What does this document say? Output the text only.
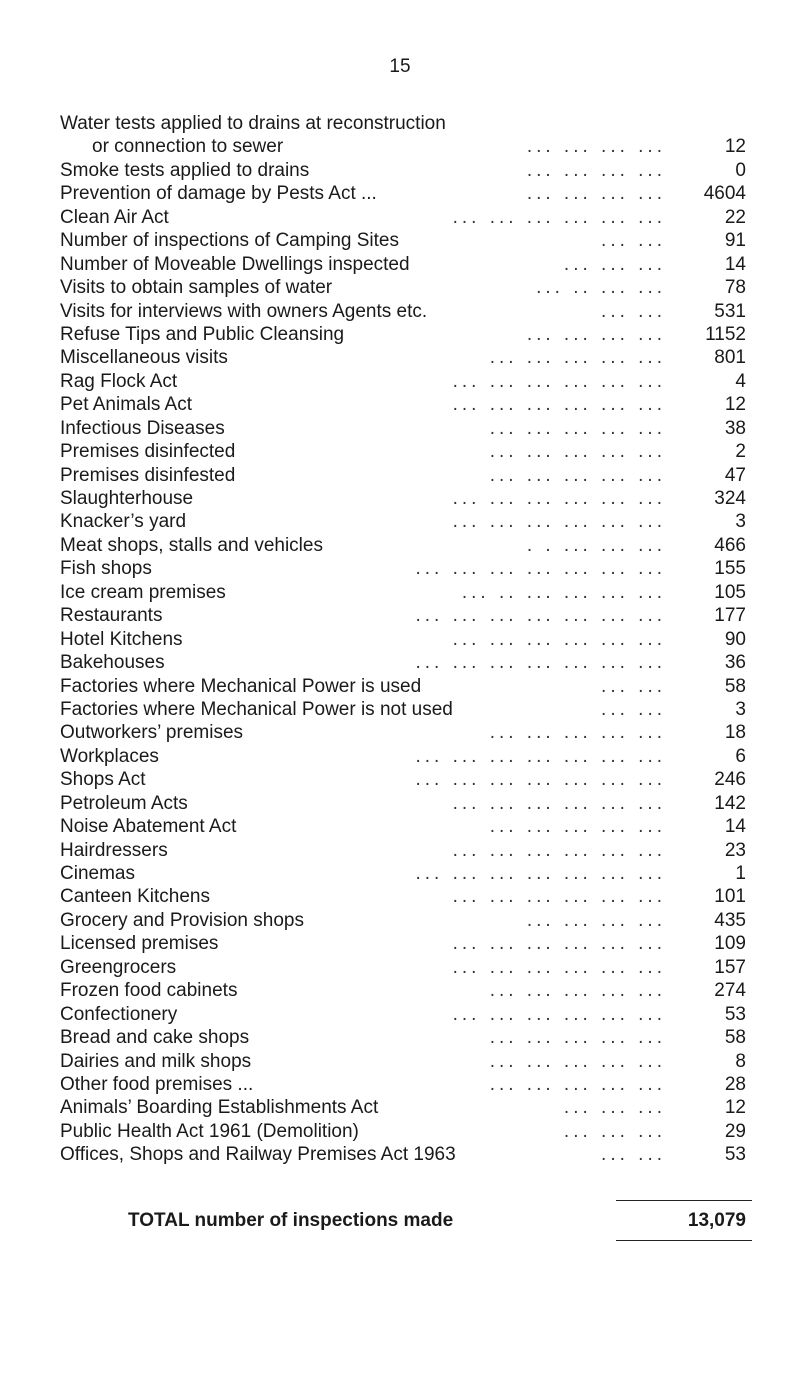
15
Water tests applied to drains at reconstruction
or connection to sewer	... ... ... ...	12
Smoke tests applied to drains	... ... ... ...	0
Prevention of damage by Pests Act ...	... ... ... ... 4604
Clean Air Act	... ... ... ... ... ...	22
Number of inspections of Camping Sites	... ...	91
Number of Moveable Dwellings inspected	... ... ...	14
Visits to obtain samples of water	... .. ... ...	78
Visits for interviews with owners Agents etc.	... ...	531
Refuse Tips and Public Cleansing	... ... ... ... 1152
Miscellaneous visits	... ... ... ... ...	801
Rag Flock Act	... ... ... ... ... ...	4
Pet Animals Act	... ... ... ... ... ...	12
Infectious Diseases	... ... ... ... ...	38
Premises disinfected	... ... ... ... ...	2
Premises disinfested	... ... ... ... ...	47
Slaughterhouse	... ... ... ... ... ...	324
Knacker’s yard	... ... ... ... ... ...	3
Meat shops, stalls and vehicles	. . ... ... ...	466
Fish shops	... ... ... ... ... ... ...	155
Ice cream premises	... .. ... ... ... ...	105
Restaurants	... ... ... ... ... ... ...	177
Hotel Kitchens	... ... ... ... ... ...	90
Bakehouses	... ... ... ... ... ... ...	36
Factories where Mechanical Power is used	... ...	58
Factories where Mechanical Power is not used	... ...	3
Outworkers’ premises	... ... ... ... ...	18
Workplaces	... ... ... ... ... ... ...	6
Shops Act	... ... ... ... ... ... ...	246
Petroleum Acts	... ... ... ... ... ...	142
Noise Abatement Act	... ... ... ... ...	14
Hairdressers	... ... ... ... ... ...	23
Cinemas	... ... ... ... ... ... ...	1
Canteen Kitchens	... ... ... ... ... ...	101
Grocery and Provision shops	... ... ... ...	435
Licensed premises	... ... ... ... ... ...	109
Greengrocers	... ... ... ... ... ...	157
Frozen food cabinets	... ... ... ... ...	274
Confectionery	... ... ... ... ... ...	53
Bread and cake shops	... ... ... ... ...	58
Dairies and milk shops	... ... ... ... ...	8
Other food premises ...	... ... ... ... ...	28
Animals’ Boarding Establishments Act	... ... ...	12
Public Health Act 1961 (Demolition)	... ... ...	29
Offices, Shops and Railway Premises Act 1963	... ...	53
TOTAL number of inspections made	13,079
